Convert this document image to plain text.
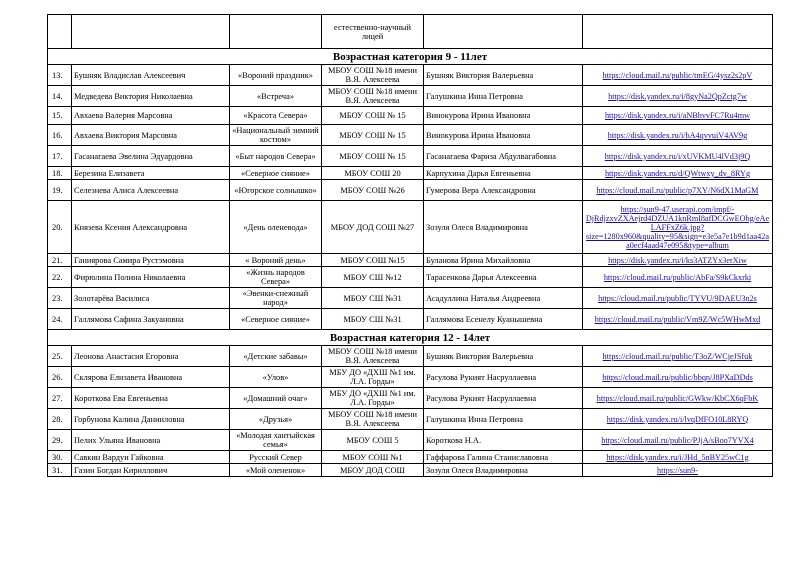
			естественно-научный лицей		
Возрастная категория 9 - 11лет					
13.	Бушняк Владислав Алексеевич	«Вороний праздник»	МБОУ СОШ №18 имени В.Я. Алексеева	Бушняк Виктория Валерьевна	https://cloud.mail.ru/public/tmEG/4ysz2s2pV
14.	Медведева Виктория Николаевна	«Встреча»	МБОУ СОШ №18 имени В.Я. Алексеева	Галушкина Инна Петровна	https://disk.yandex.ru/i/8gyNa2QpZctg7w
15.	Авхаева Валерия Марсовна	«Красота Севера»	МБОУ СОШ № 15	Винокурова Ирина Ивановна	https://disk.yandex.ru/i/aNBhvvFC7Ru4mw
16.	Авхаева Виктория Марсовна	«Национальный зимний костюм»	МБОУ СОШ № 15	Винокурова Ирина Ивановна	https://disk.yandex.ru/i/bA4qvvuiV4AV9g
17.	Гасанагаева Эвелина Эдуардовна	«Быт народов Севера»	МБОУ СОШ № 15	Гасанагаева Фариза Абдулвагабовна	https://disk.yandex.ru/i/xUVKMU4lVd3j9Q
18.	Березина Елизавета	«Северное сияние»	МБОУ СОШ 20	Карпухина Дарья Евгеньевна	https://disk.yandex.ru/d/QWtwxy_dv_8RYg
19.	Селезнева Алиса Алексеевна	«Югорское солнышко»	МБОУ СОШ №26	Гумерова Вера Александровна	https://cloud.mail.ru/public/p7XY/N6dX1MaGM
20.	Князева Ксения Александровна	«День оленевода»	МБОУ ДОД СОШ №27	Зозуля Олеся Владимировна	https://sun9-47.userapi.com/impf/-DjRdjzxvZXAejrd4DZUA1knRmI8afDCGwEObg/eAeLAFFxZ6k.jpg?size=1280x960&quality=95&sign=e3e5a7e1b9d1aa42aa0ecf4aad47e095&type=album
21.	Ганиярова Самира Рустэмовна	« Вороний день»	МБОУ СОШ №15	Буланова Ирина Михайловна	https://disk.yandex.ru/i/ks3ATZYx3erXiw
22.	Фирюлина Полина Николаевна	«Жизнь народов Севера»	МБОУ СШ №12	Тарасенкова Дарья Алексеевна	https://cloud.mail.ru/public/AbFa/S9kCkxrki
23.	Золотарёва Василиса	«Эвенки-снежный народ»	МБОУ СШ №31	Асадуллина Наталья Андреевна	https://cloud.mail.ru/public/TYVU/9DAEU3n2s
24.	Галлямова Сафина Закуановна	«Северное сияние»	МБОУ СШ №31	Галлямова Есенелу Куанышевна	https://cloud.mail.ru/public/Vm9Z/Wc5WHwMxd
Возрастная категория 12 - 14лет					
25.	Леонова Анастасия Егоровна	«Детские забавы»	МБОУ СОШ №18 имени В.Я. Алексеева	Бушняк Виктория Валерьевна	https://cloud.mail.ru/public/T3oZ/WCjeJSfuk
26.	Склярова Елизавета Ивановна	«Улов»	МБУ ДО «ДХШ №1 им. Л.А. Горды»	Расулова Рукият Насруллаевна	https://cloud.mail.ru/public/bbqn/J8PXaDDds
27.	Короткова Ева Евгеньевна	«Домашний очаг»	МБУ ДО «ДХШ №1 им. Л.А. Горды»	Расулова Рукият Насруллаевна	https://cloud.mail.ru/public/GWkw/KbCX6qFbK
28.	Горбунова Калина Данииловна	«Друзья»	МБОУ СОШ №18 имени В.Я. Алексеева	Галушкина Инна Петровна	https://disk.yandex.ru/i/lvqDfFO10L8RYQ
29.	Пелих Ульяна Ивановна	«Молодая хантыйская семья»	МБОУ СОШ 5	Короткова Н.А.	https://cloud.mail.ru/public/PJjA/sBoo7YVX4
30.	Савкин Вардуи Гайковна	Русский Север	МБОУ СОШ №1	Гаффарова Галина Станиславовна	https://disk.yandex.ru/i/JHd_5nBY25wC1g
31.	Газин Богдан Кириллович	«Мой олененок»	МБОУ ДОД СОШ	Зозуля Олеся Владимировна	https://sun9-
